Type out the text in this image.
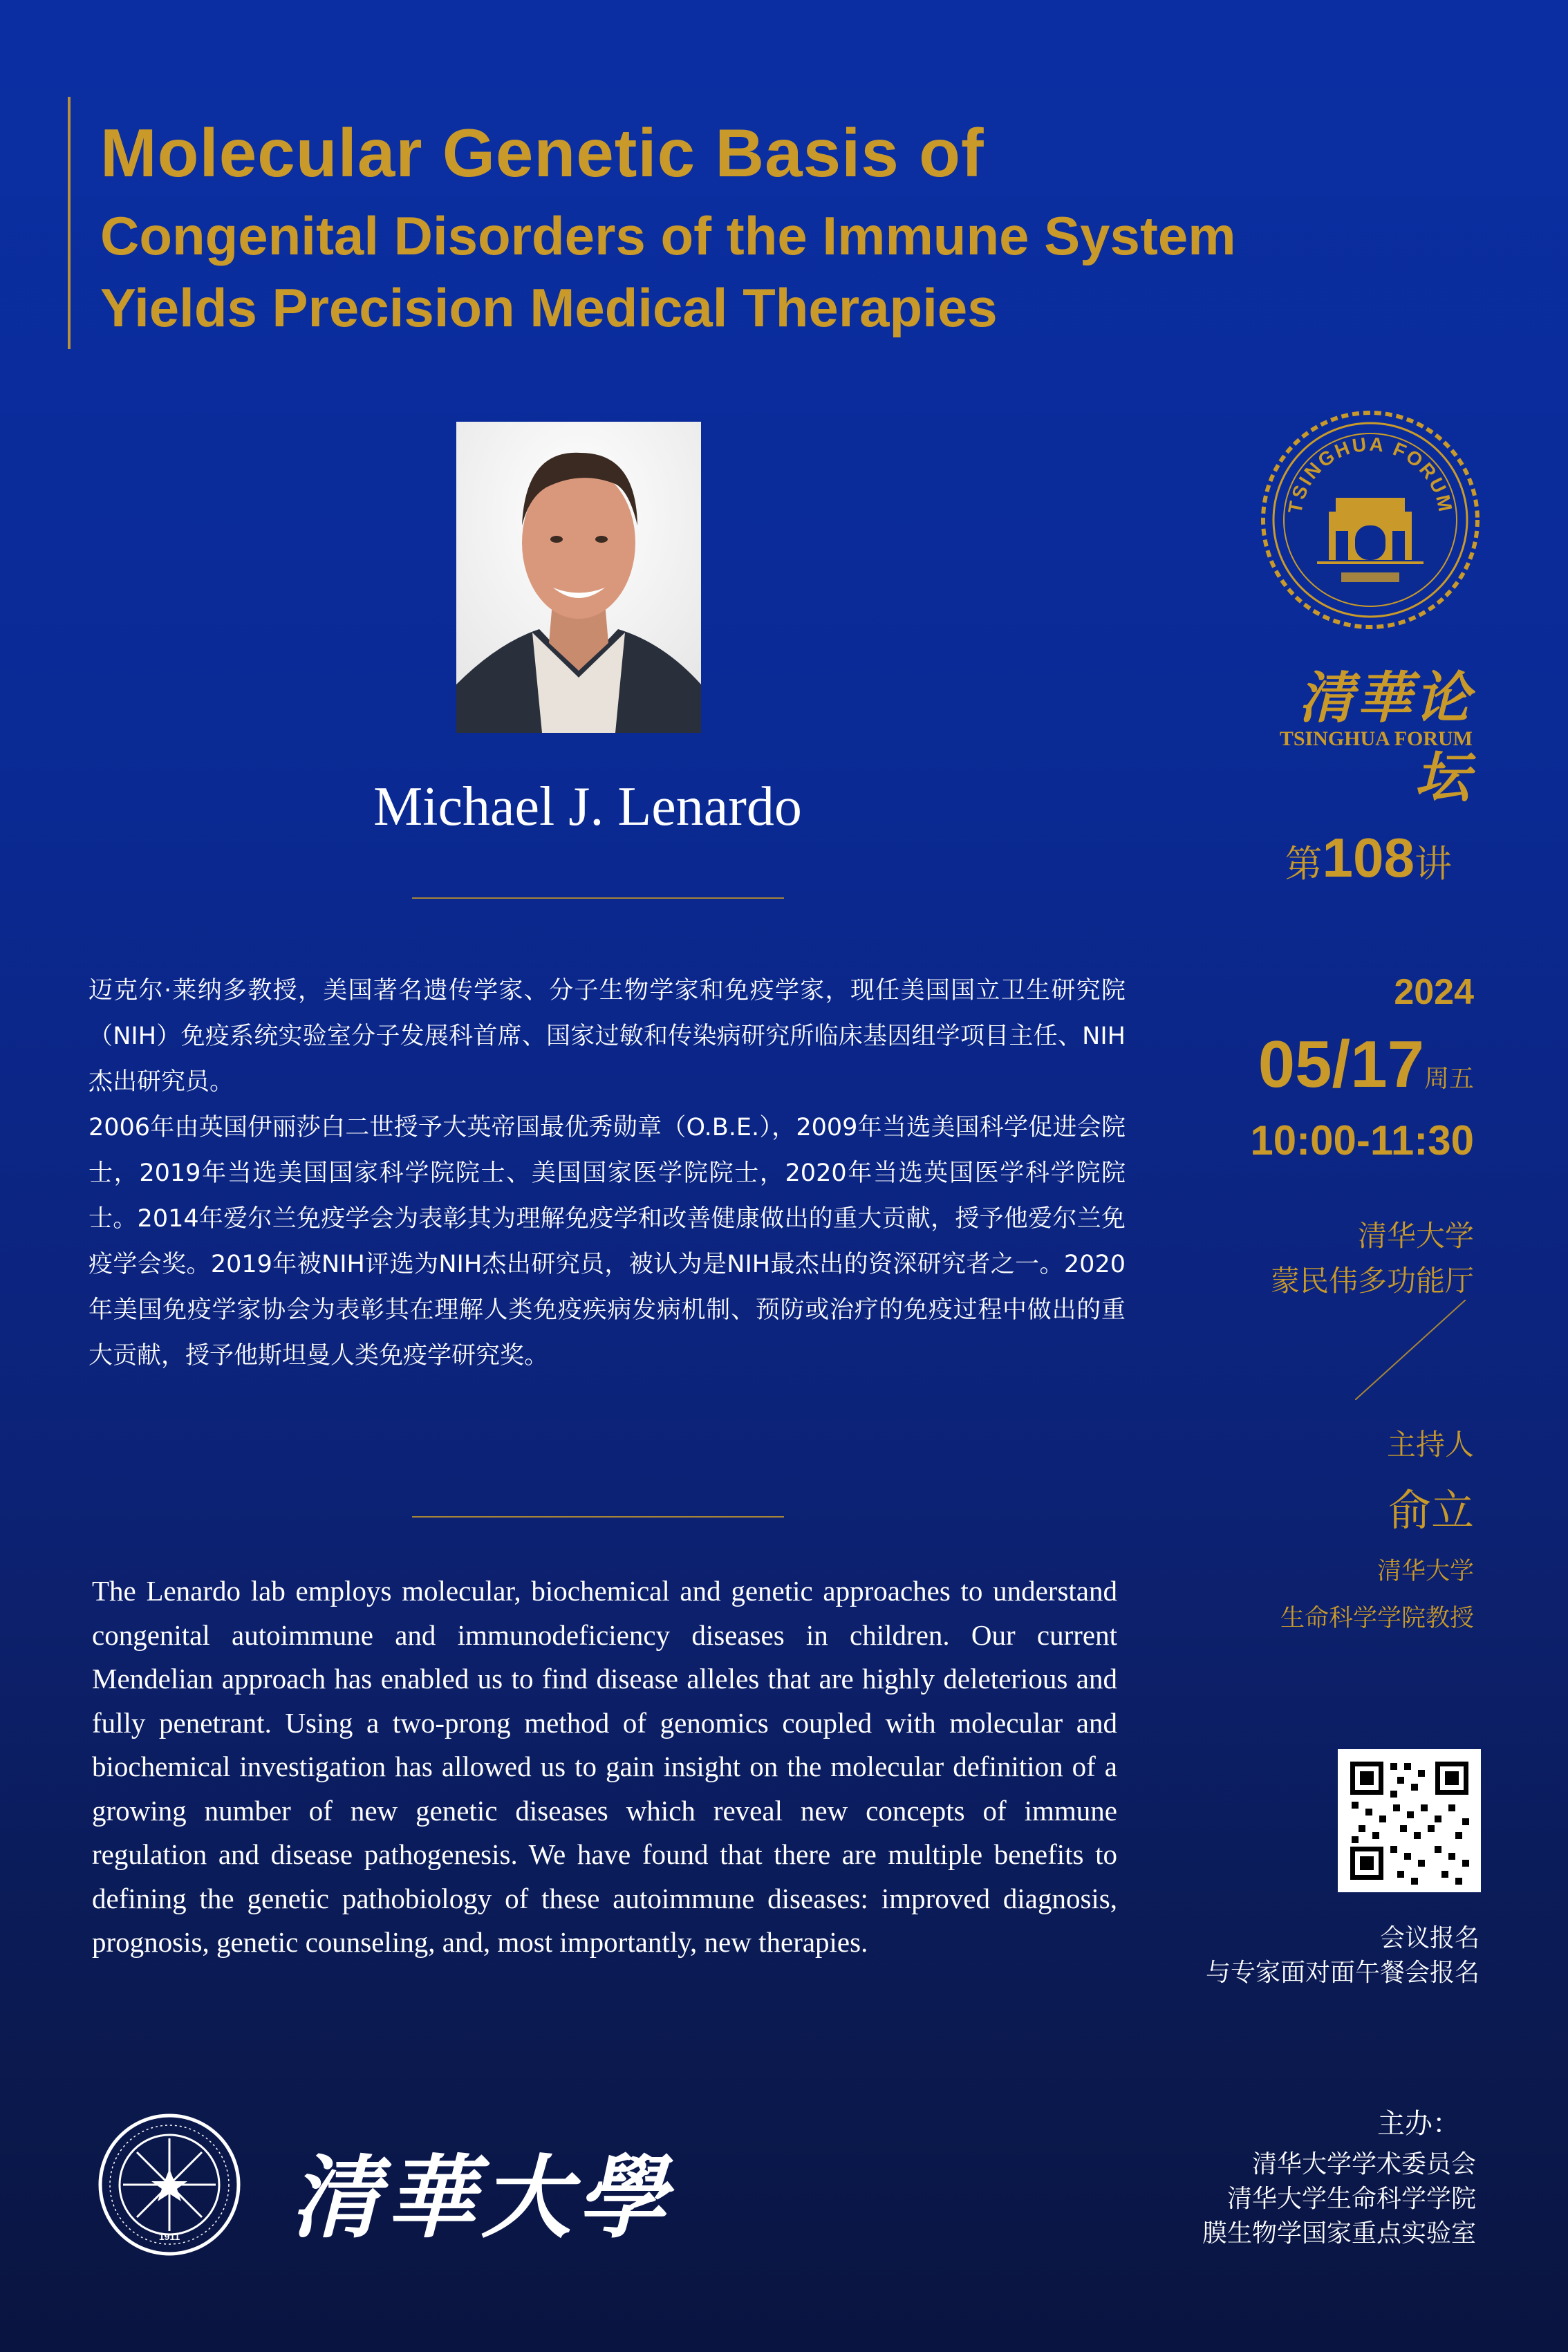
Molecular Genetic Basis of
Congenital Disorders of the Immune System
Yields Precision Medical Therapies
Michael J. Lenardo

迈克尔·莱纳多教授，美国著名遗传学家、分子生物学家和免疫学家，现任美国国立卫生研究院（NIH）免疫系统实验室分子发展科首席、国家过敏和传染病研究所临床基因组学项目主任、NIH杰出研究员。

2006年由英国伊丽莎白二世授予大英帝国最优秀勋章（O.B.E.），2009年当选美国科学促进会院士，2019年当选美国国家科学院院士、美国国家医学院院士，2020年当选英国医学科学院院士。2014年爱尔兰免疫学会为表彰其为理解免疫学和改善健康做出的重大贡献，授予他爱尔兰免疫学会奖。2019年被NIH评选为NIH杰出研究员，被认为是NIH最杰出的资深研究者之一。2020年美国免疫学家协会为表彰其在理解人类免疫疾病发病机制、预防或治疗的免疫过程中做出的重大贡献，授予他斯坦曼人类免疫学研究奖。

The Lenardo lab employs molecular, biochemical and genetic approaches to understand congenital autoimmune and immunodeficiency diseases in children. Our current Mendelian approach has enabled us to find disease alleles that are highly deleterious and fully penetrant. Using a two-prong method of genomics coupled with molecular and biochemical investigation has allowed us to gain insight on the molecular definition of a growing number of new genetic diseases which reveal new concepts of immune regulation and disease pathogenesis. We have found that there are multiple benefits to defining the genetic pathobiology of these autoimmune diseases: improved diagnosis, prognosis, genetic counseling, and, most importantly, new therapies.

TSINGHUA FORUM
清華论坛
TSINGHUA FORUM
第108讲
2024
05/17周五
10:00-11:30
清华大学
蒙民伟多功能厅
主持人
俞立
清华大学
生命科学学院教授
会议报名
与专家面对面午餐会报名
主办：
清华大学学术委员会
清华大学生命科学学院
膜生物学国家重点实验室
1911 清華大學
